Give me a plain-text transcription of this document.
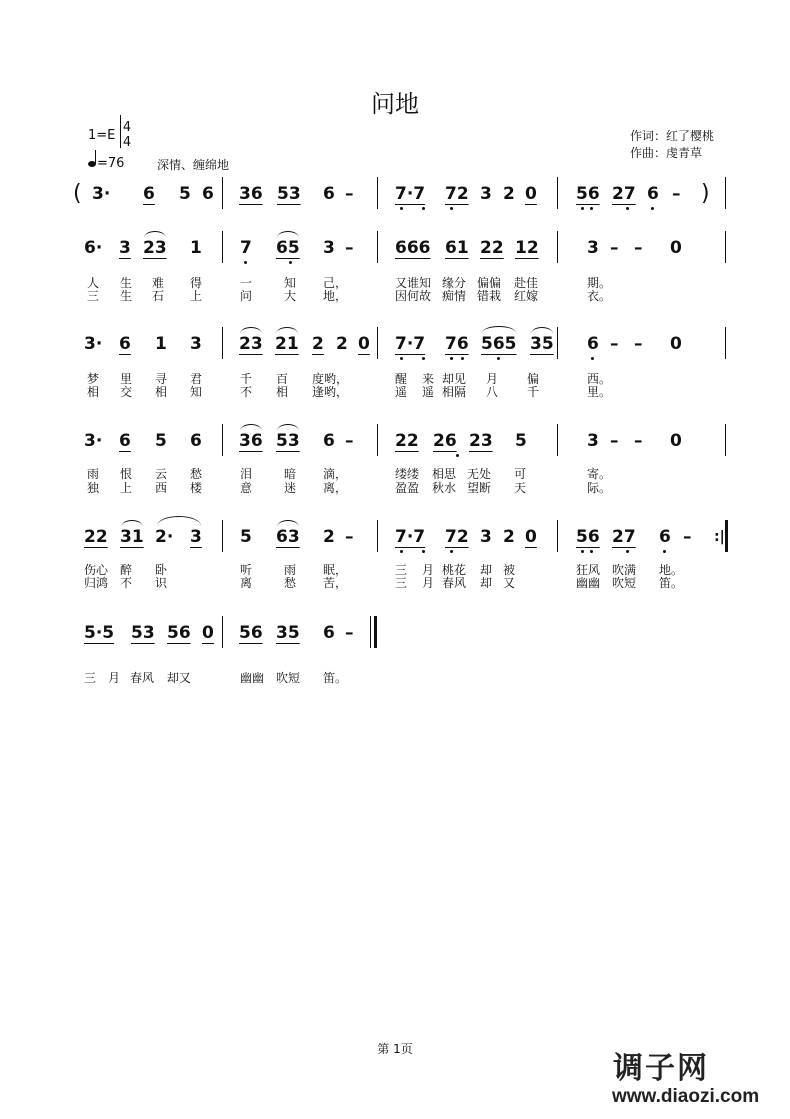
问地
1=E
4
4
=76	深情、缠绵地
作词：红了樱桃
作曲：虔青草
( 3· 6 5 6 36 53 6 – 7·7 72 3 2 0 56 27 6 – )
6· 3 23 1 7 65 3 – 666 61 22 12	3 – – 0
人 生 难 得	一	知 己，	又谁知 缘分 偏偏 赴佳	期。
三 生 石 上	问	大 地，	因何故 痴情 错栽 红嫁	衣。
3· 6 1 3 23 21 2 2 0 7·7 76 565 35 6 – – 0
梦 里 寻 君	千 百 度哟，	醒 来 却见 月 偏	西。
相 交 相 知	不 相 逢哟，	遥 遥 相隔 八 千	里。
3· 6 5 6 36 53 6 – 22 26 23 5	3 – – 0
雨 恨 云 愁	泪	暗 滴，	缕缕 相思 无处 可	寄。
独 上 西 楼	意	迷 离，	盈盈 秋水 望断 天	际。
22 31 2· 3 5 63 2 – 7·7 72 3 2 0 56 27 6 – :|
伤心 醉 卧	听	雨 眠，	三 月 桃花 却 被	狂风 吹满 地。
归鸿 不 识	离	愁 苦，	三 月 春风 却 又	幽幽 吹短 笛。
5·5 53 56 0 56 35 6 –
三 月 春风 却又	幽幽 吹短 笛。
第 1页
调子网
www.diaozi.com
